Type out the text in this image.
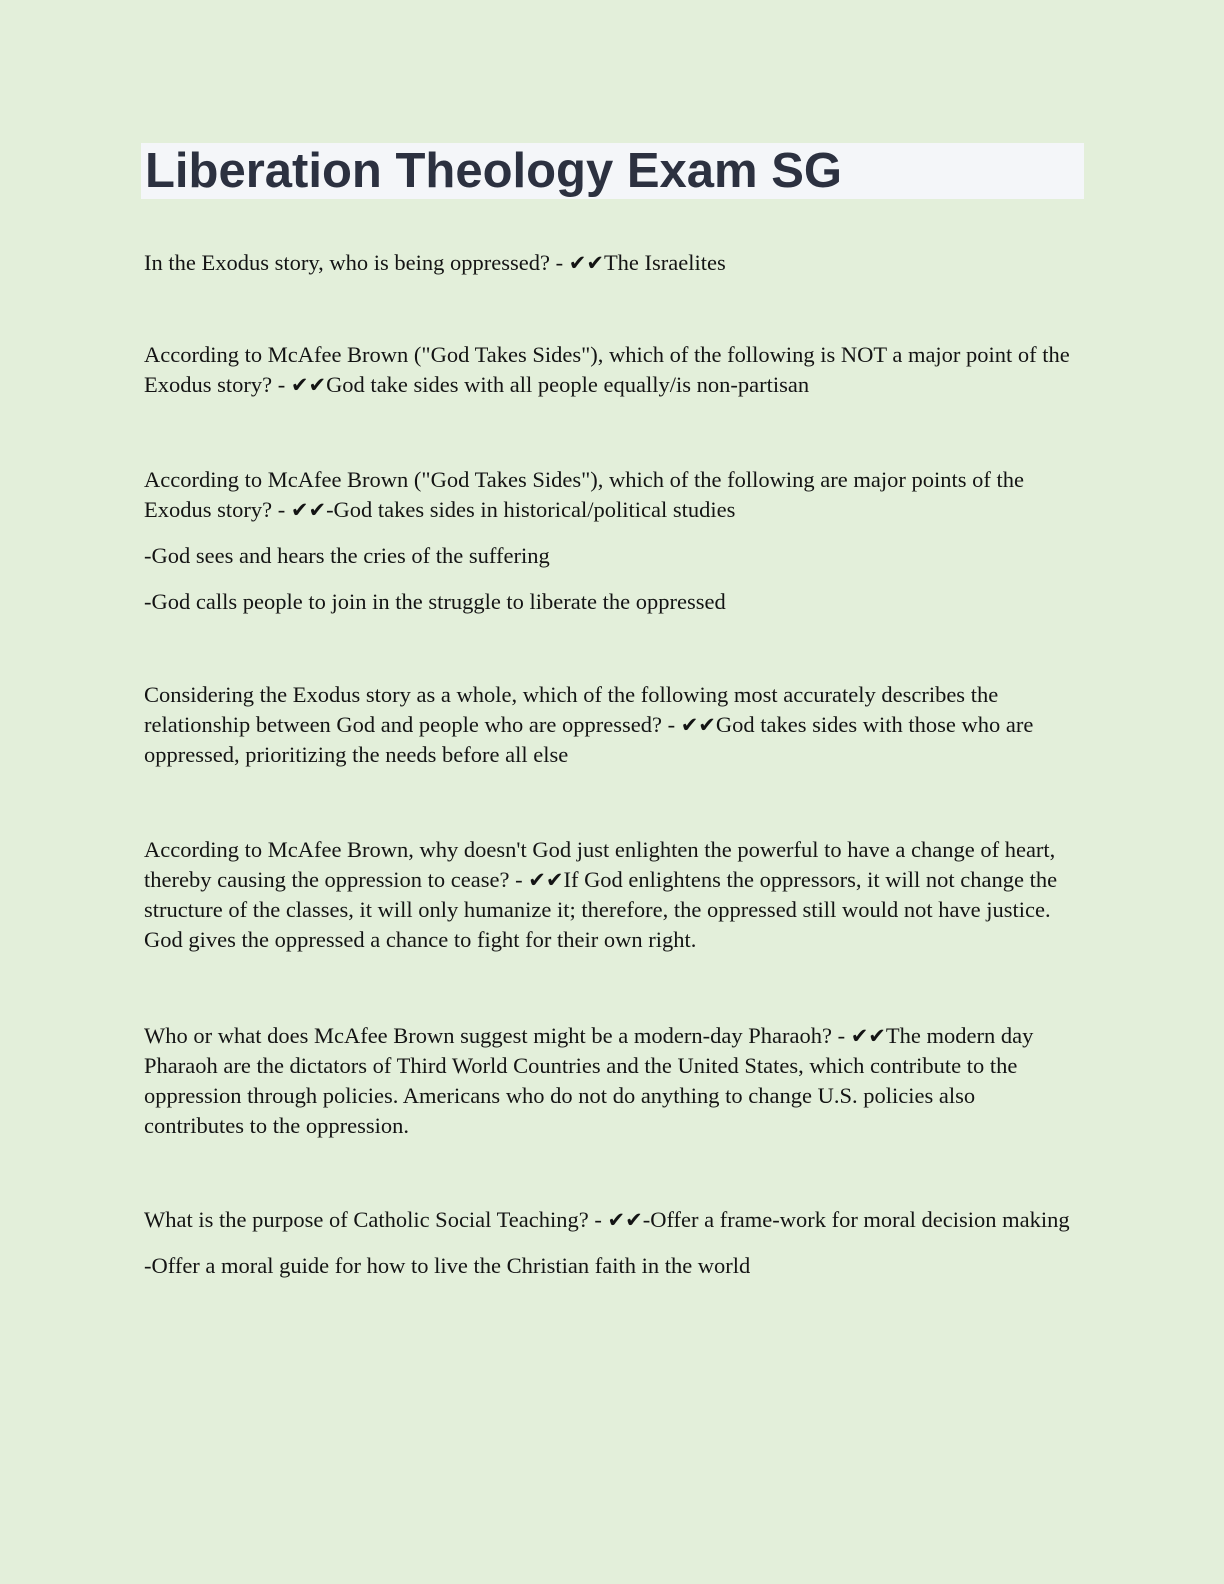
Liberation Theology Exam SG

In the Exodus story, who is being oppressed? - ✔✔The Israelites

According to McAfee Brown ("God Takes Sides"), which of the following is NOT a major point of the Exodus story? - ✔✔God take sides with all people equally/is non-partisan

According to McAfee Brown ("God Takes Sides"), which of the following are major points of the Exodus story? - ✔✔-God takes sides in historical/political studies

-God sees and hears the cries of the suffering

-God calls people to join in the struggle to liberate the oppressed

Considering the Exodus story as a whole, which of the following most accurately describes the relationship between God and people who are oppressed? - ✔✔God takes sides with those who are oppressed, prioritizing the needs before all else

According to McAfee Brown, why doesn't God just enlighten the powerful to have a change of heart, thereby causing the oppression to cease? - ✔✔If God enlightens the oppressors, it will not change the structure of the classes, it will only humanize it; therefore, the oppressed still would not have justice. God gives the oppressed a chance to fight for their own right.

Who or what does McAfee Brown suggest might be a modern-day Pharaoh? - ✔✔The modern day Pharaoh are the dictators of Third World Countries and the United States, which contribute to the oppression through policies. Americans who do not do anything to change U.S. policies also contributes to the oppression.

What is the purpose of Catholic Social Teaching? - ✔✔-Offer a frame-work for moral decision making

-Offer a moral guide for how to live the Christian faith in the world
